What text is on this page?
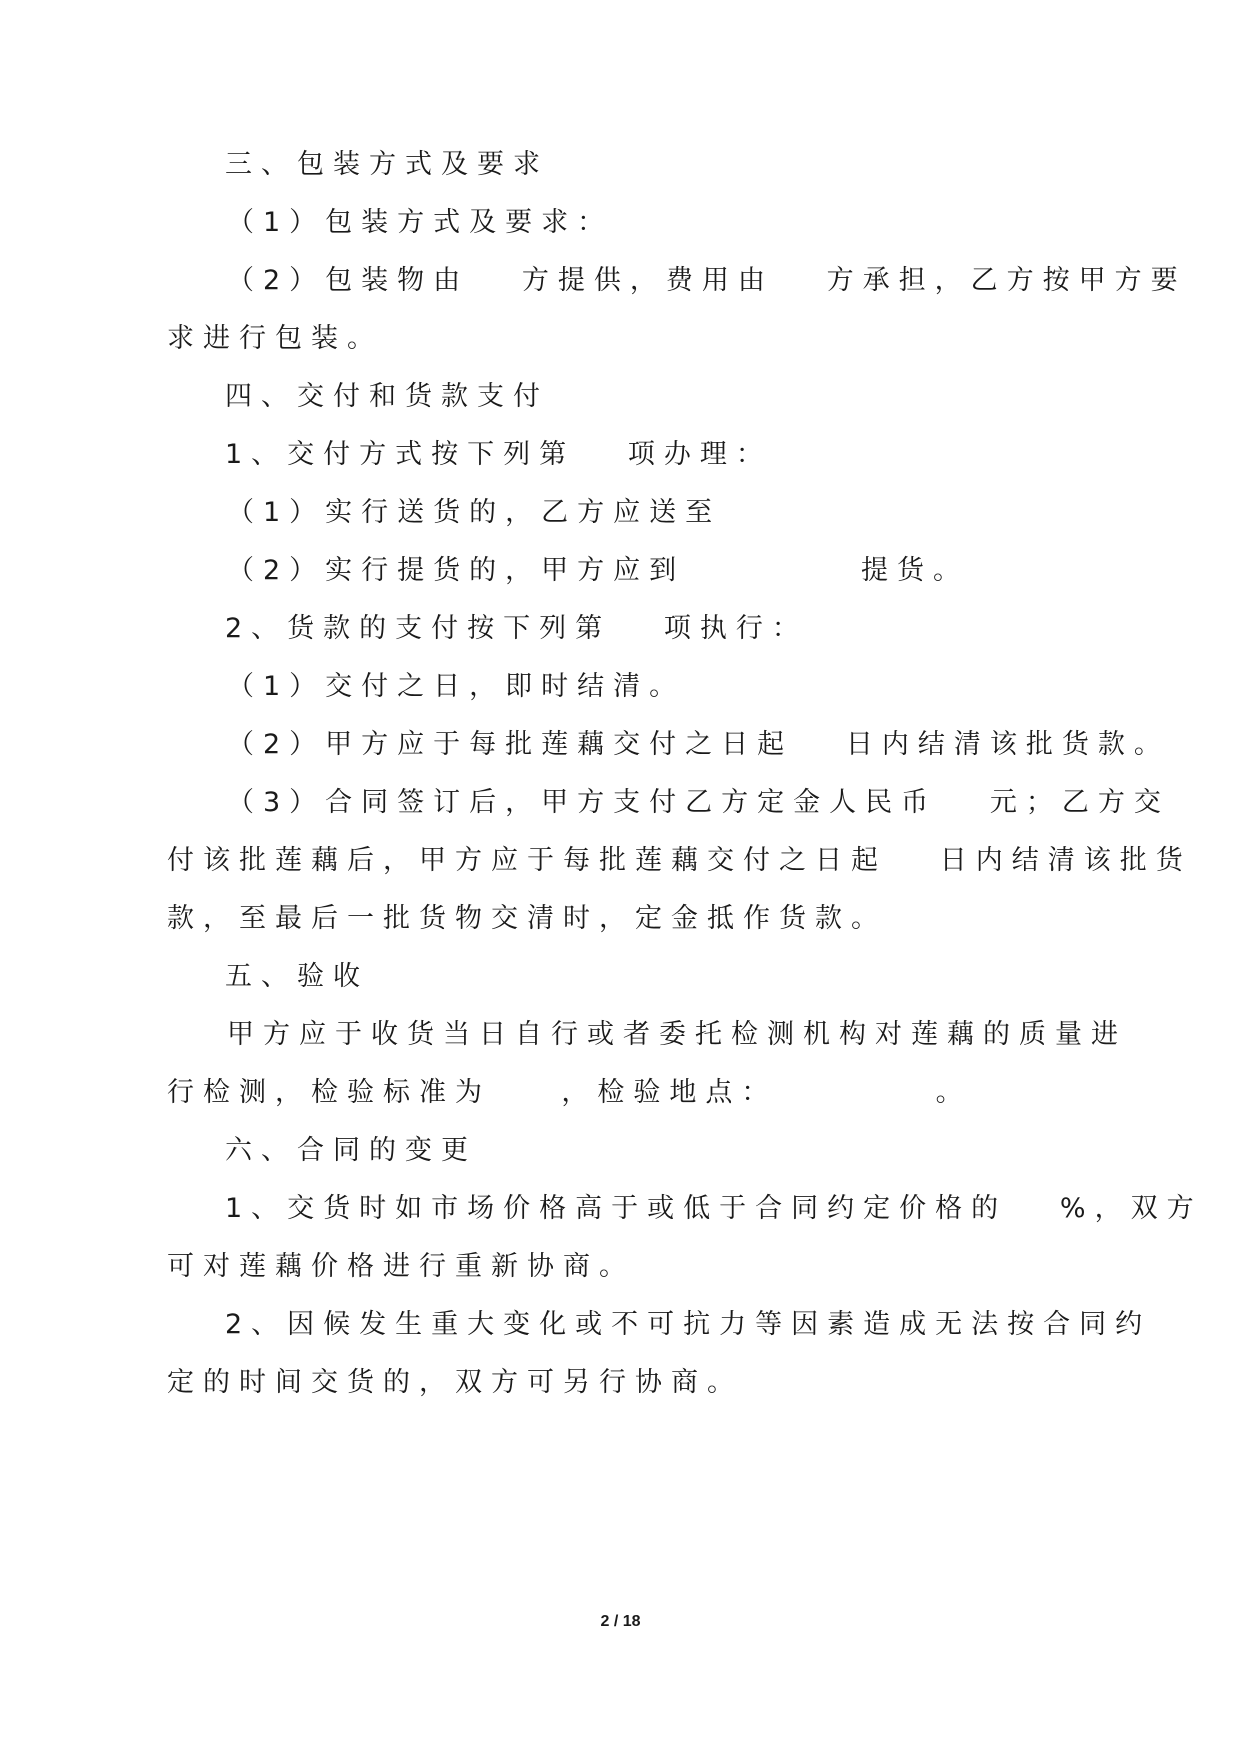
三、包装方式及要求

（1）包装方式及要求：

（2）包装物由   方提供，费用由   方承担，乙方按甲方要

求进行包装。

四、交付和货款支付

1、交付方式按下列第   项办理：

（1）实行送货的，乙方应送至

（2）实行提货的，甲方应到          提货。

2、货款的支付按下列第   项执行：

（1）交付之日，即时结清。

（2）甲方应于每批莲藕交付之日起   日内结清该批货款。

（3）合同签订后，甲方支付乙方定金人民币   元；乙方交

付该批莲藕后，甲方应于每批莲藕交付之日起   日内结清该批货

款，至最后一批货物交清时，定金抵作货款。

五、验收

甲方应于收货当日自行或者委托检测机构对莲藕的质量进

行检测，检验标准为    ，检验地点：         。

六、合同的变更

1、交货时如市场价格高于或低于合同约定价格的   %，双方

可对莲藕价格进行重新协商。

2、因候发生重大变化或不可抗力等因素造成无法按合同约

定的时间交货的，双方可另行协商。

2 / 18
